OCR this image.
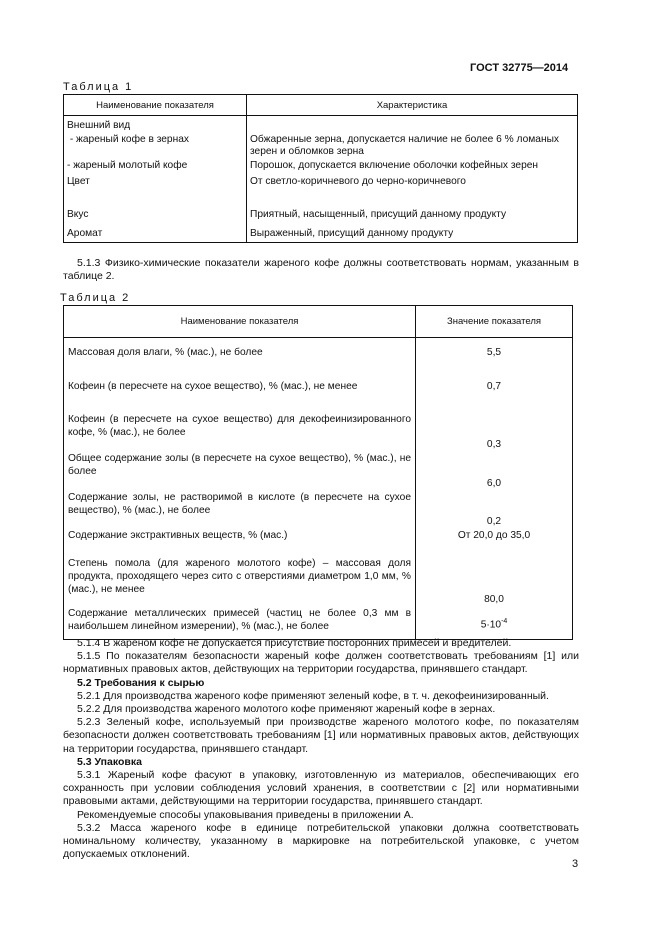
ГОСТ 32775—2014
Таблица 1
Наименование показателя	Характеристика
Внешний вид	
- жареный кофе в зернах	Обжаренные зерна, допускается наличие не более 6 % ломаных зерен и обломков зерна
- жареный молотый кофе	Порошок, допускается включение оболочки кофейных зерен
Цвет	От светло-коричневого до черно-коричневого
Вкус	Приятный, насыщенный, присущий данному продукту
Аромат	Выраженный, присущий данному продукту

5.1.3 Физико-химические показатели жареного кофе должны соответствовать нормам, указанным в таблице 2.

Таблица 2
Наименование показателя	Значение показателя
Массовая доля влаги, % (мас.), не более	5,5
Кофеин (в пересчете на сухое вещество), % (мас.), не менее	0,7
Кофеин (в пересчете на сухое вещество) для декофеинизированного кофе, % (мас.), не более	0,3
Общее содержание золы (в пересчете на сухое вещество), % (мас.), не более	6,0
Содержание золы, не растворимой в кислоте (в пересчете на сухое вещество), % (мас.), не более	0,2
Содержание экстрактивных веществ, % (мас.)	От 20,0 до 35,0
Степень помола (для жареного молотого кофе) – массовая доля продукта, проходящего через сито с отверстиями диаметром 1,0 мм, % (мас.), не менее	80,0
Содержание металлических примесей (частиц не более 0,3 мм в наибольшем линейном измерении), % (мас.), не более	$5\cdot 10^{-4}$

5.1.4 В жареном кофе не допускается присутствие посторонних примесей и вредителей.

5.1.5 По показателям безопасности жареный кофе должен соответствовать требованиям [1] или нормативных правовых актов, действующих на территории государства, принявшего стандарт.

5.2 Требования к сырью

5.2.1 Для производства жареного кофе применяют зеленый кофе, в т. ч. декофеинизированный.

5.2.2 Для производства жареного молотого кофе применяют жареный кофе в зернах.

5.2.3 Зеленый кофе, используемый при производстве жареного молотого кофе, по показателям безопасности должен соответствовать требованиям [1] или нормативных правовых актов, действующих на территории государства, принявшего стандарт.

5.3 Упаковка

5.3.1 Жареный кофе фасуют в упаковку, изготовленную из материалов, обеспечивающих его сохранность при условии соблюдения условий хранения, в соответствии с [2] или нормативными правовыми актами, действующими на территории государства, принявшего стандарт.

Рекомендуемые способы упаковывания приведены в приложении А.

5.3.2 Масса жареного кофе в единице потребительской упаковки должна соответствовать номинальному количеству, указанному в маркировке на потребительской упаковке, с учетом допускаемых отклонений.

3
